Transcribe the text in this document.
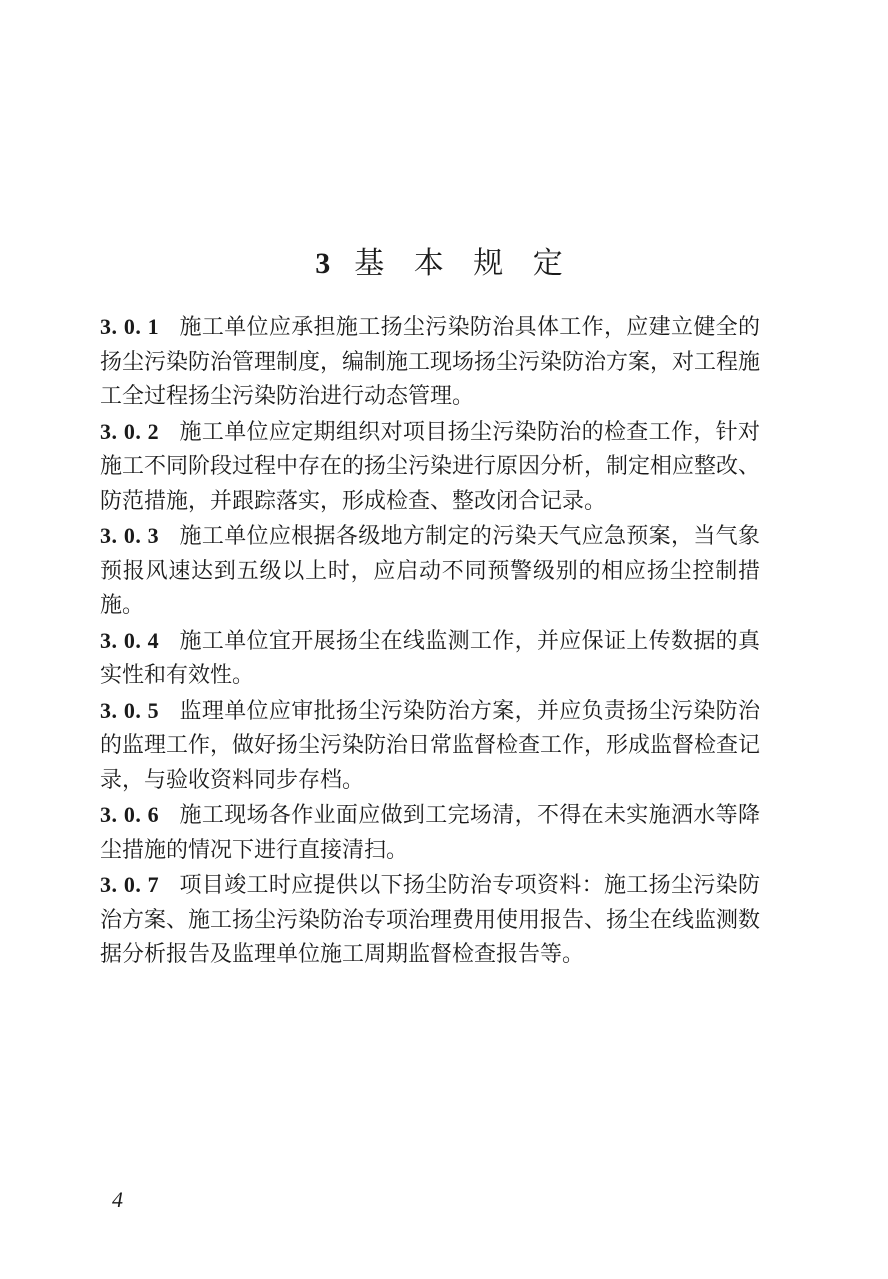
3 基 本 规 定

3. 0. 1 施工单位应承担施工扬尘污染防治具体工作，应建立健全的扬尘污染防治管理制度，编制施工现场扬尘污染防治方案，对工程施工全过程扬尘污染防治进行动态管理。

3. 0. 2 施工单位应定期组织对项目扬尘污染防治的检查工作，针对施工不同阶段过程中存在的扬尘污染进行原因分析，制定相应整改、防范措施，并跟踪落实，形成检查、整改闭合记录。

3. 0. 3 施工单位应根据各级地方制定的污染天气应急预案，当气象预报风速达到五级以上时，应启动不同预警级别的相应扬尘控制措施。

3. 0. 4 施工单位宜开展扬尘在线监测工作，并应保证上传数据的真实性和有效性。

3. 0. 5 监理单位应审批扬尘污染防治方案，并应负责扬尘污染防治的监理工作，做好扬尘污染防治日常监督检查工作，形成监督检查记录，与验收资料同步存档。

3. 0. 6 施工现场各作业面应做到工完场清，不得在未实施洒水等降尘措施的情况下进行直接清扫。

3. 0. 7 项目竣工时应提供以下扬尘防治专项资料：施工扬尘污染防治方案、施工扬尘污染防治专项治理费用使用报告、扬尘在线监测数据分析报告及监理单位施工周期监督检查报告等。

4
